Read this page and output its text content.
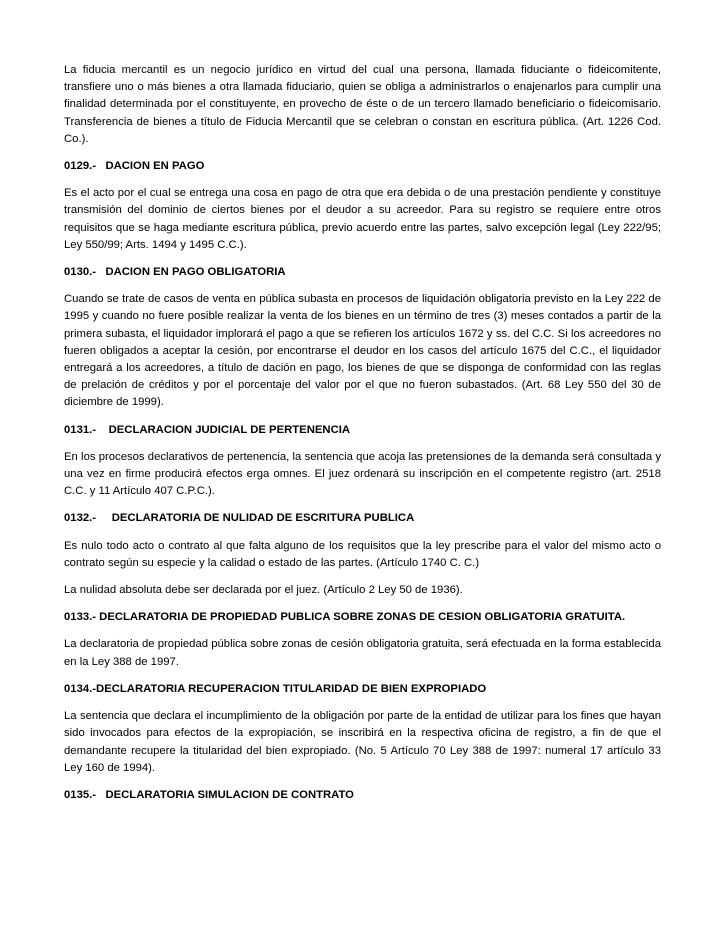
La fiducia mercantil es un negocio jurídico en virtud del cual una persona, llamada fiduciante o fideicomitente, transfiere uno o más bienes a otra llamada fiduciario, quien se obliga a administrarlos o enajenarlos para cumplir una finalidad determinada por el constituyente, en provecho de éste o de un tercero llamado beneficiario o fideicomisario. Transferencia de bienes a título de Fiducia Mercantil que se celebran o constan en escritura pública. (Art. 1226 Cod. Co.).

0129.-   DACION EN PAGO

Es el acto por el cual se entrega una cosa en pago de otra que era debida o de una prestación pendiente y constituye transmisión del dominio de ciertos bienes por el deudor a su acreedor. Para su registro se requiere entre otros requisitos que se haga mediante escritura pública, previo acuerdo entre las partes, salvo excepción legal (Ley 222/95; Ley 550/99; Arts. 1494 y 1495 C.C.).

0130.-   DACION EN PAGO OBLIGATORIA

Cuando se trate de casos de venta en pública subasta en procesos de liquidación obligatoria previsto en la Ley 222 de 1995 y cuando no fuere posible realizar la venta de los bienes en un término de tres (3) meses contados a partir de la primera subasta, el liquidador implorará el pago a que se refieren los artículos 1672 y ss. del C.C. Si los acreedores no fueren obligados a aceptar la cesión, por encontrarse el deudor en los casos del artículo 1675 del C.C., el liquidador entregará a los acreedores, a título de dación en pago, los bienes de que se disponga de conformidad con las reglas de prelación de créditos y por el porcentaje del valor por el que no fueron subastados. (Art. 68 Ley 550 del 30 de diciembre de 1999).

0131.-    DECLARACION JUDICIAL DE PERTENENCIA

En los procesos declarativos de pertenencia, la sentencia que acoja las pretensiones de la demanda será consultada y una vez en firme producirá efectos erga omnes. El juez ordenará su inscripción en el competente registro (art. 2518 C.C. y 11 Artículo 407 C.P.C.).

0132.-     DECLARATORIA DE NULIDAD DE ESCRITURA PUBLICA

Es nulo todo acto o contrato al que falta alguno de los requisitos que la ley prescribe para el valor del mismo acto o contrato según su especie y la calidad o estado de las partes. (Artículo 1740 C. C.)

La nulidad absoluta debe ser declarada por el juez. (Artículo 2 Ley 50 de 1936).

0133.- DECLARATORIA DE PROPIEDAD PUBLICA SOBRE ZONAS DE CESION OBLIGATORIA GRATUITA.

La declaratoria de propiedad pública sobre zonas de cesión obligatoria gratuita, será efectuada en la forma establecida en la Ley 388 de 1997.

0134.-DECLARATORIA RECUPERACION TITULARIDAD DE BIEN EXPROPIADO

La sentencia que declara el incumplimiento de la obligación por parte de la entidad de utilizar para los fines que hayan sido invocados para efectos de la expropiación, se inscribirá en la respectiva oficina de registro, a fin de que el demandante recupere la titularidad del bien expropiado. (No. 5 Artículo 70 Ley 388 de 1997: numeral 17 artículo 33 Ley 160 de 1994).

0135.-   DECLARATORIA SIMULACION DE CONTRATO
